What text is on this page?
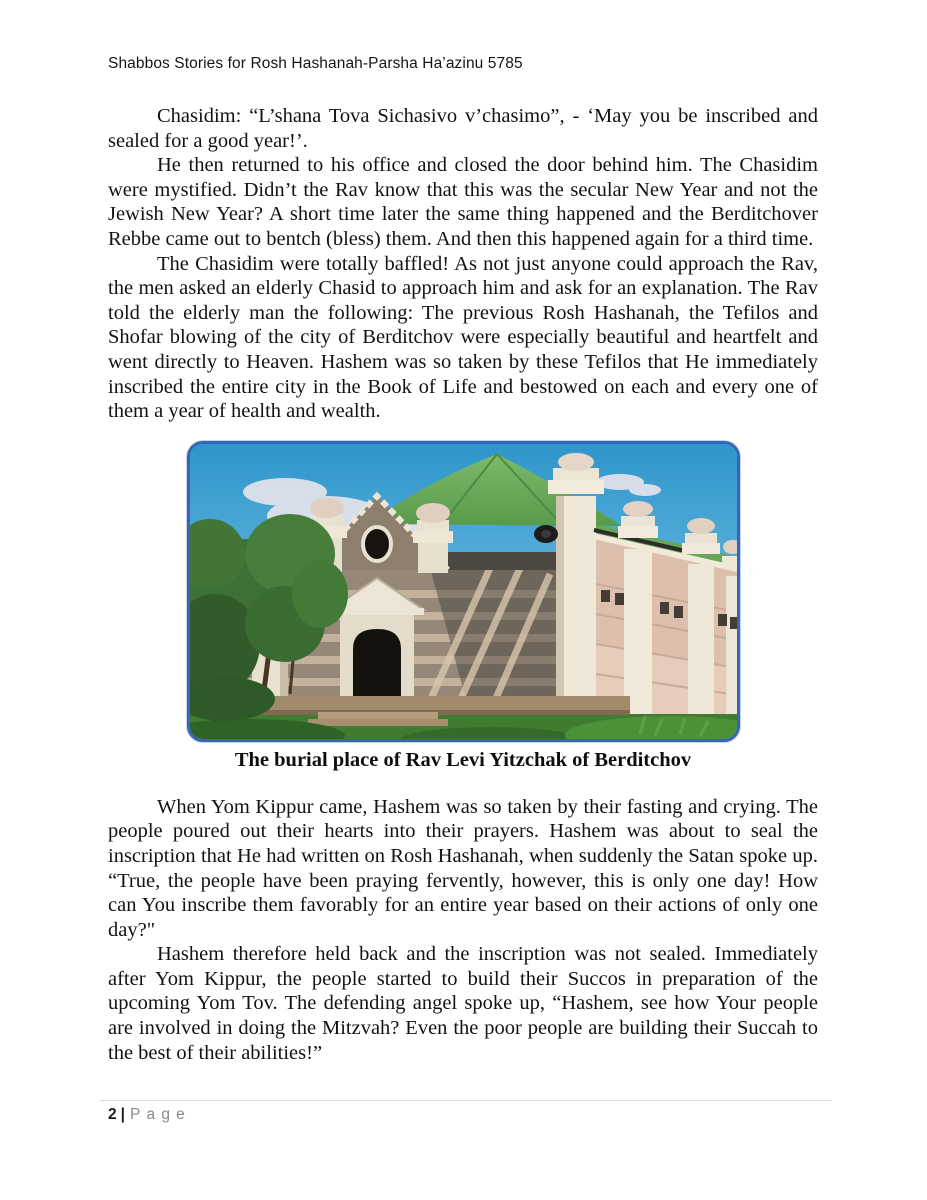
Shabbos Stories for Rosh Hashanah-Parsha Ha’azinu 5785

Chasidim: “L’shana Tova Sichasivo v’chasimo”, - ‘May you be inscribed and sealed for a good year!’.

He then returned to his office and closed the door behind him. The Chasidim were mystified. Didn’t the Rav know that this was the secular New Year and not the Jewish New Year? A short time later the same thing happened and the Berditchover Rebbe came out to bentch (bless) them. And then this happened again for a third time.

The Chasidim were totally baffled! As not just anyone could approach the Rav, the men asked an elderly Chasid to approach him and ask for an explanation. The Rav told the elderly man the following: The previous Rosh Hashanah, the Tefilos and Shofar blowing of the city of Berditchov were especially beautiful and heartfelt and went directly to Heaven. Hashem was so taken by these Tefilos that He immediately inscribed the entire city in the Book of Life and bestowed on each and every one of them a year of health and wealth.

The burial place of Rav Levi Yitzchak of Berditchov

When Yom Kippur came, Hashem was so taken by their fasting and crying. The people poured out their hearts into their prayers. Hashem was about to seal the inscription that He had written on Rosh Hashanah, when suddenly the Satan spoke up. “True, the people have been praying fervently, however, this is only one day! How can You inscribe them favorably for an entire year based on their actions of only one day?"

Hashem therefore held back and the inscription was not sealed. Immediately after Yom Kippur, the people started to build their Succos in preparation of the upcoming Yom Tov. The defending angel spoke up, “Hashem, see how Your people are involved in doing the Mitzvah? Even the poor people are building their Succah to the best of their abilities!”

2 | Page
